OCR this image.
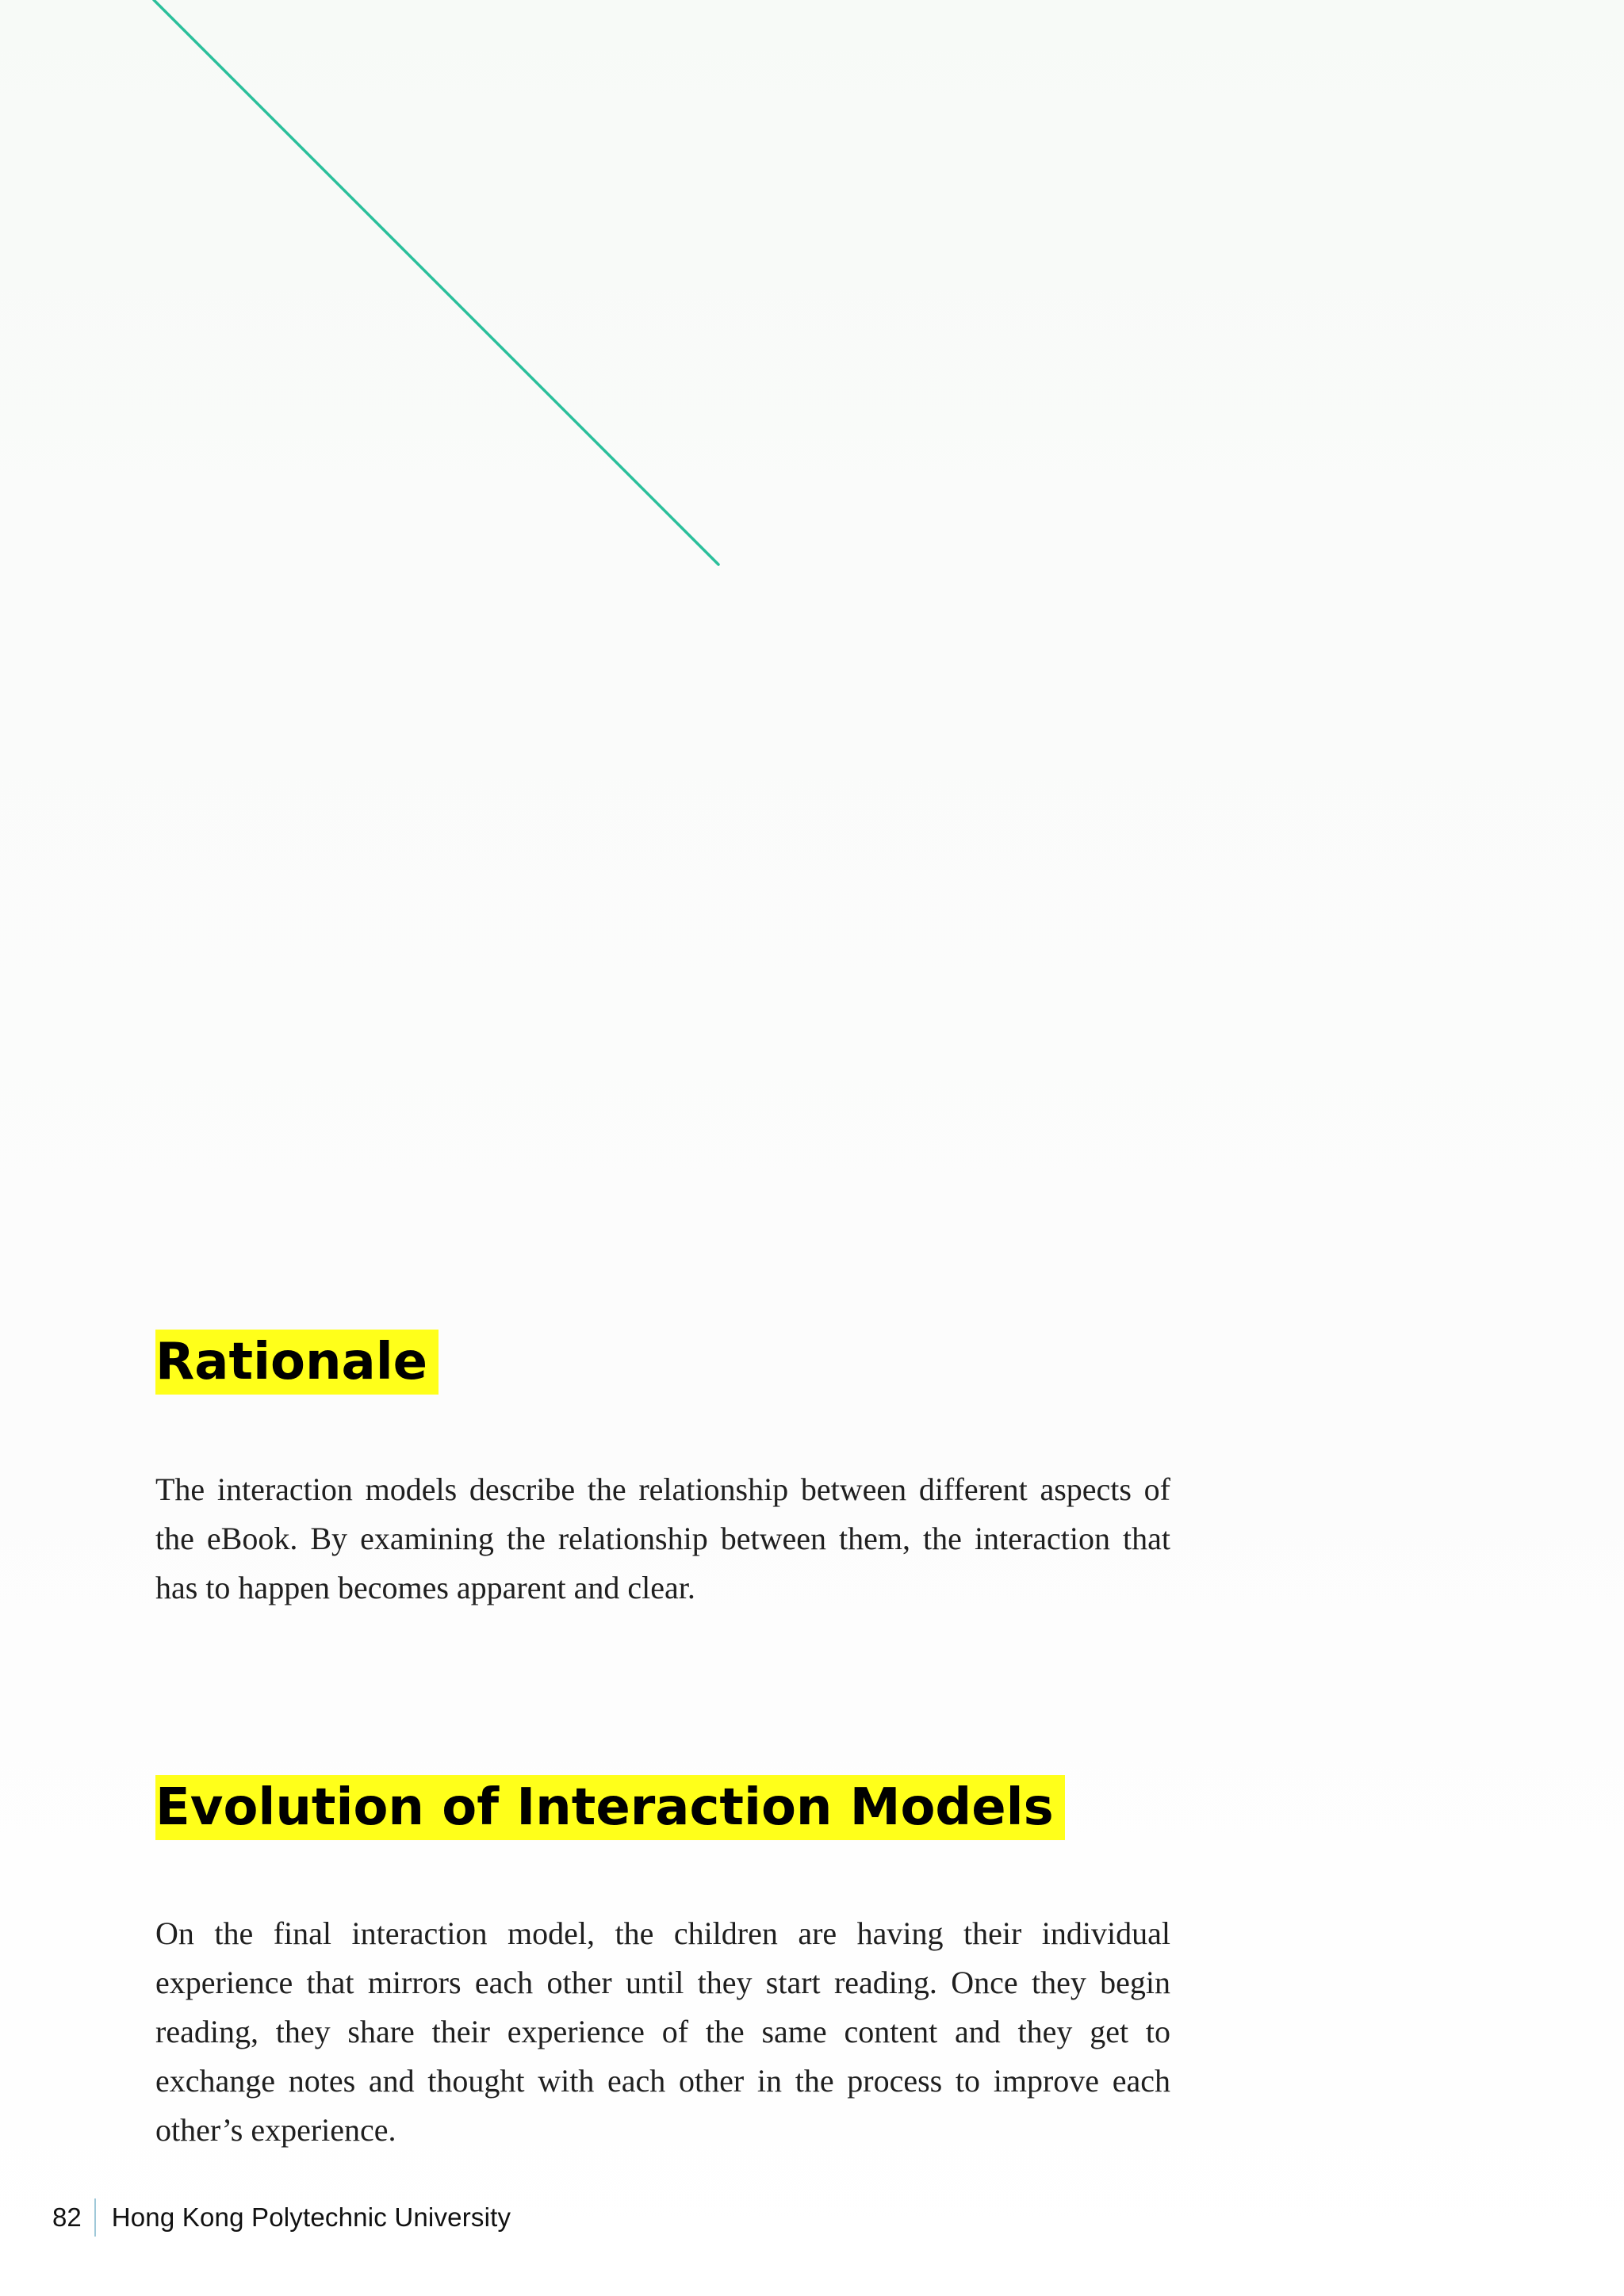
Rationale

The interaction models describe the relationship between different aspects of the eBook. By examining the relationship between them, the interaction that has to happen becomes apparent and clear.

Evolution of Interaction Models

On the final interaction model, the children are having their individual experience that mirrors each other until they start reading. Once they begin reading, they share their experience of the same content and they get to exchange notes and thought with each other in the process to improve each other’s experience.

82	Hong Kong Polytechnic University
